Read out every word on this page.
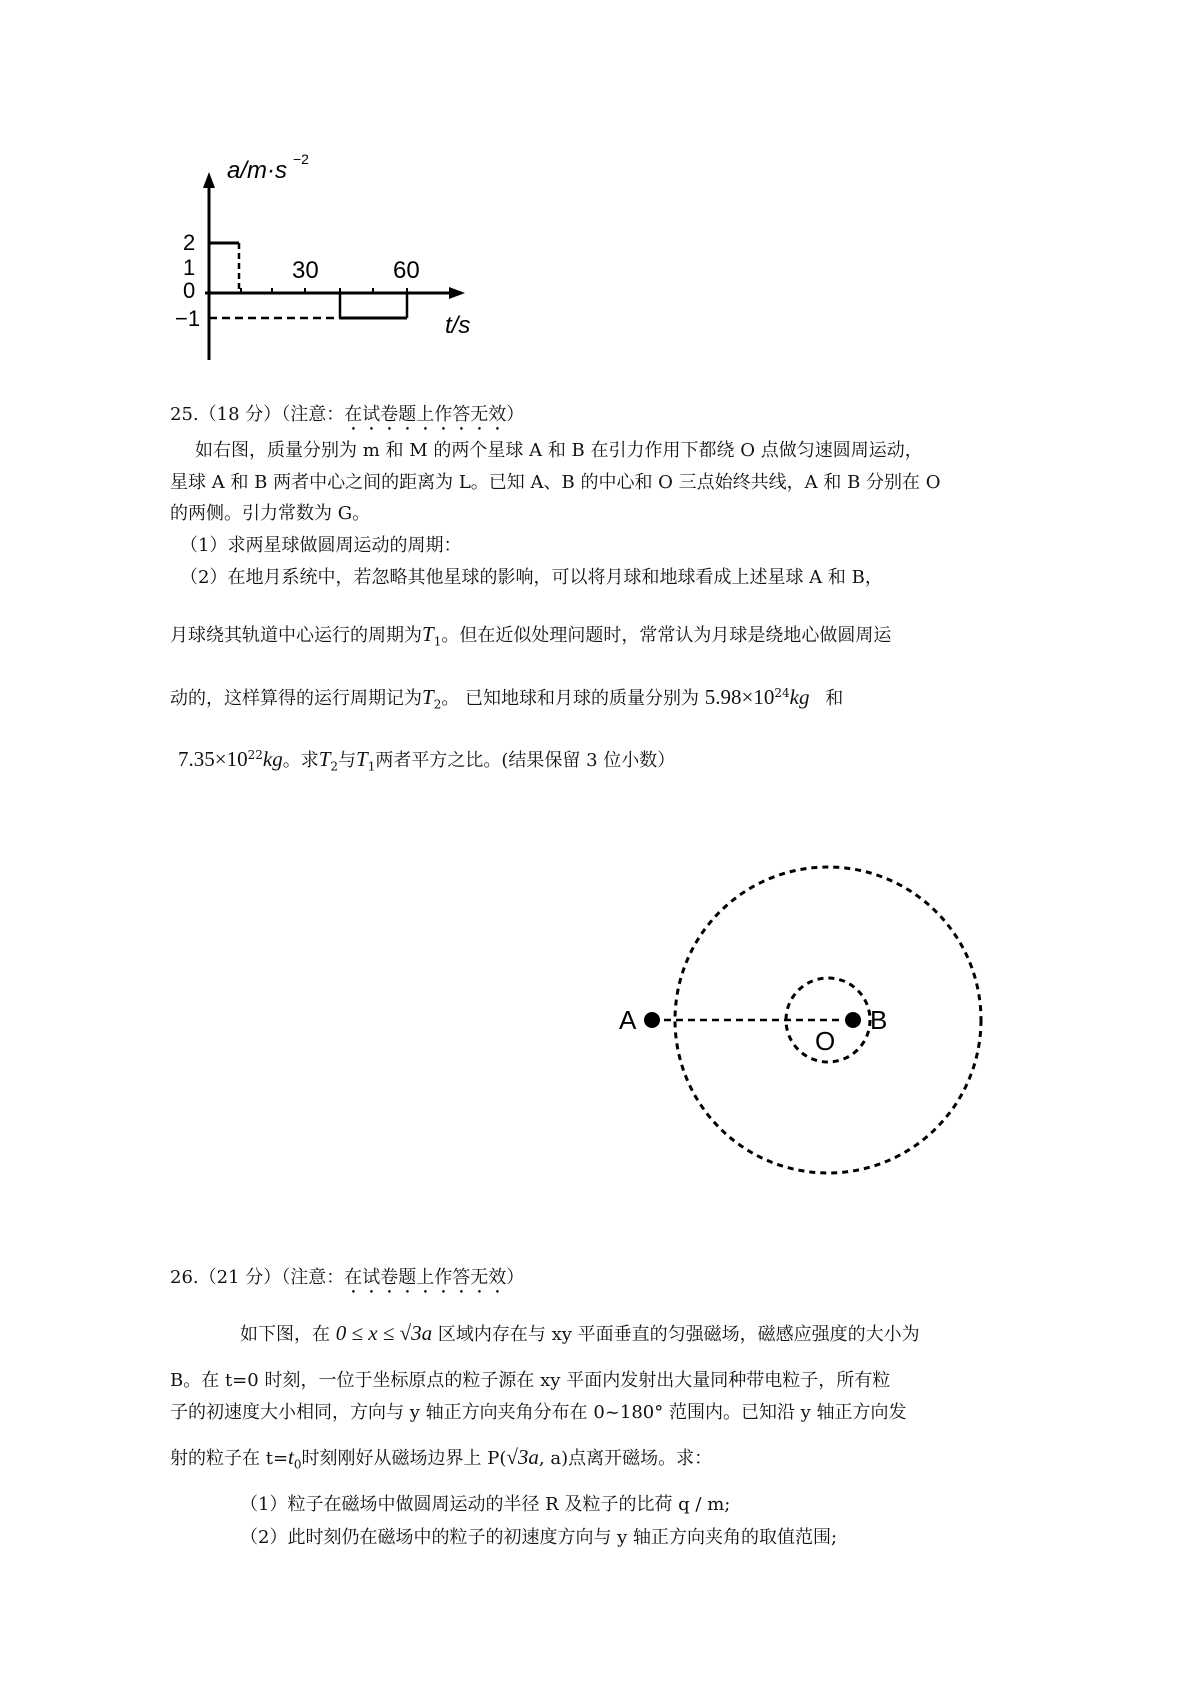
a/m·s −2
2
1
0
−1
30	60
t/s
25.（18 分）（注意：在试卷题上作答无效）
如右图，质量分别为 m 和 M 的两个星球 A 和 B 在引力作用下都绕 O 点做匀速圆周运动，
星球 A 和 B 两者中心之间的距离为 L。已知 A、B 的中心和 O 三点始终共线，A 和 B 分别在 O
的两侧。引力常数为 G。
（1）求两星球做圆周运动的周期：
（2）在地月系统中，若忽略其他星球的影响，可以将月球和地球看成上述星球 A 和 B，
月球绕其轨道中心运行的周期为$T_1$。但在近似处理问题时，常常认为月球是绕地心做圆周运
动的，这样算得的运行周期记为$T_2$。 已知地球和月球的质量分别为 $5.98\times 10^{24}kg$ 和
$7.35\times 10^{22}kg$。求$T_2$与$T_1$两者平方之比。(结果保留 3 位小数）
A	B
O
26.（21 分）（注意：在试卷题上作答无效）
如下图，在 0 ≤ x ≤ √3a 区域内存在与 xy 平面垂直的匀强磁场，磁感应强度的大小为
B。在 t=0 时刻，一位于坐标原点的粒子源在 xy 平面内发射出大量同种带电粒子，所有粒
子的初速度大小相同，方向与 y 轴正方向夹角分布在 0~180° 范围内。已知沿 y 轴正方向发
射的粒子在 $t=t_0$时刻刚好从磁场边界上 P(√3a, a)点离开磁场。求：
（1）粒子在磁场中做圆周运动的半径 R 及粒子的比荷 q / m;
（2）此时刻仍在磁场中的粒子的初速度方向与 y 轴正方向夹角的取值范围;
